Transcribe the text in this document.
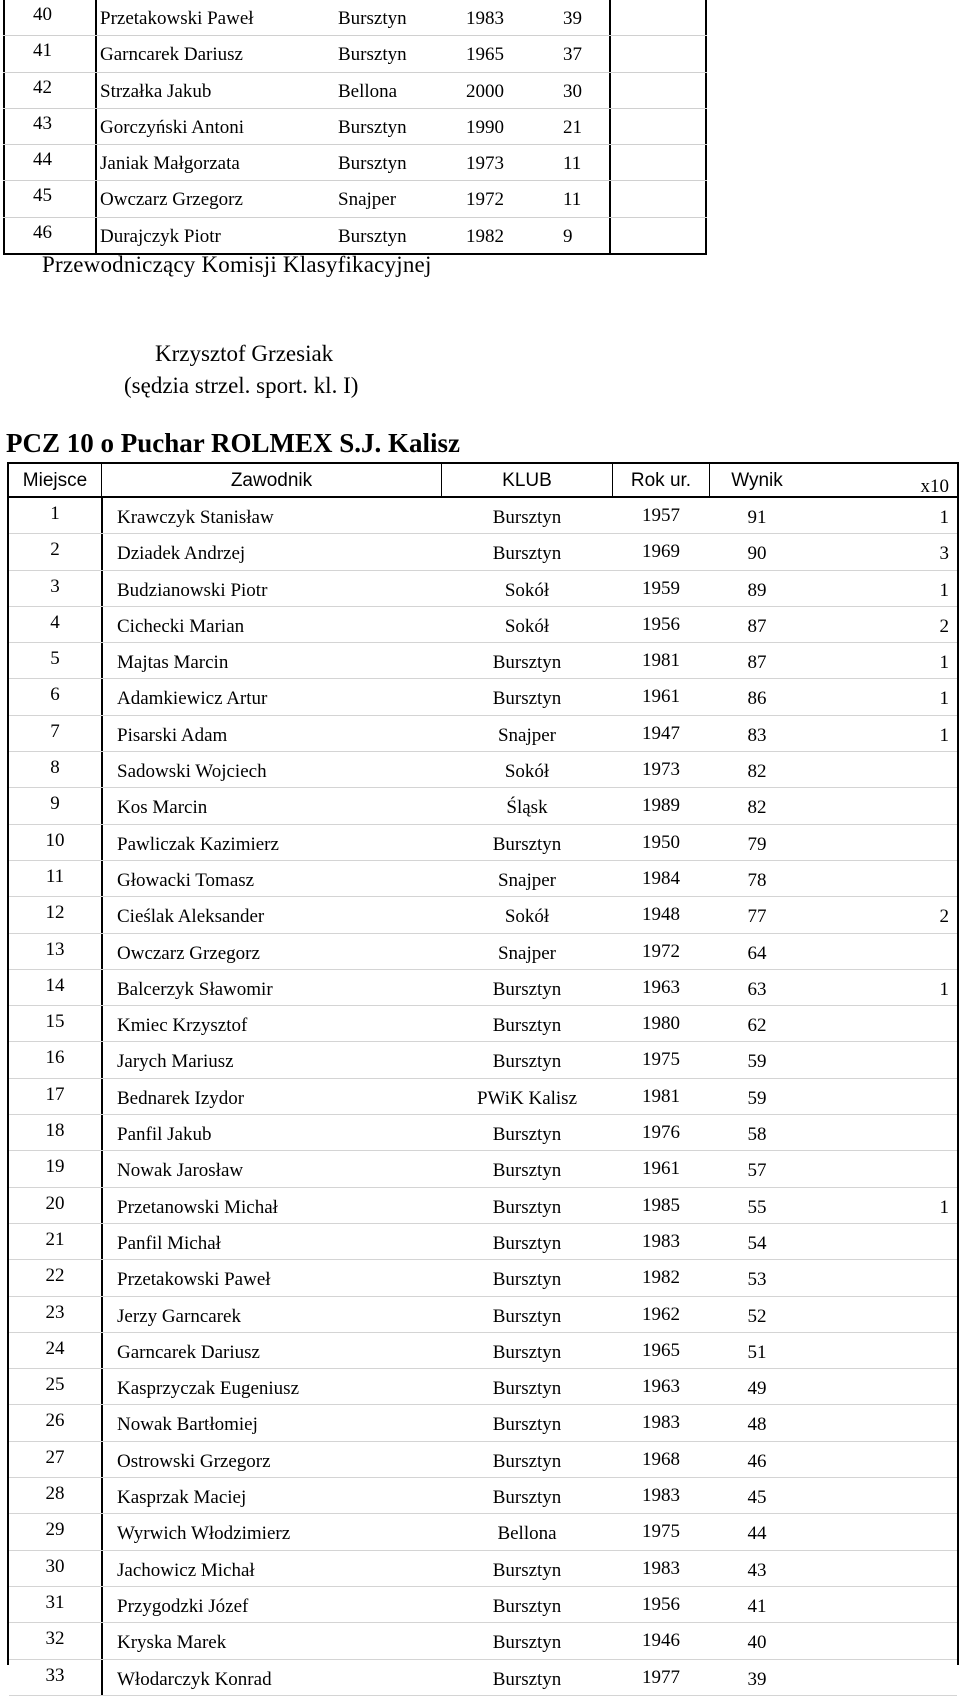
40	Przetakowski Paweł	Bursztyn	1983	39
41	Garncarek Dariusz	Bursztyn	1965	37
42	Strzałka Jakub	Bellona	2000	30
43	Gorczyński Antoni	Bursztyn	1990	21
44	Janiak Małgorzata	Bursztyn	1973	11
45	Owczarz Grzegorz	Snajper	1972	11
46	Durajczyk Piotr	Bursztyn	1982	9
Przewodniczący Komisji Klasyfikacyjnej
Krzysztof Grzesiak
(sędzia strzel. sport. kl. I)
PCZ 10 o Puchar ROLMEX S.J. Kalisz
Miejsce	Zawodnik	KLUB	Rok ur.	Wynik	x10
1	Krawczyk Stanisław	Bursztyn	1957	91	1
2	Dziadek Andrzej	Bursztyn	1969	90	3
3	Budzianowski Piotr	Sokół	1959	89	1
4	Cichecki Marian	Sokół	1956	87	2
5	Majtas Marcin	Bursztyn	1981	87	1
6	Adamkiewicz Artur	Bursztyn	1961	86	1
7	Pisarski Adam	Snajper	1947	83	1
8	Sadowski Wojciech	Sokół	1973	82
9	Kos Marcin	Śląsk	1989	82
10	Pawliczak Kazimierz	Bursztyn	1950	79
11	Głowacki Tomasz	Snajper	1984	78
12	Cieślak Aleksander	Sokół	1948	77	2
13	Owczarz Grzegorz	Snajper	1972	64
14	Balcerzyk Sławomir	Bursztyn	1963	63	1
15	Kmiec Krzysztof	Bursztyn	1980	62
16	Jarych Mariusz	Bursztyn	1975	59
17	Bednarek Izydor	PWiK Kalisz	1981	59
18	Panfil Jakub	Bursztyn	1976	58
19	Nowak Jarosław	Bursztyn	1961	57
20	Przetanowski Michał	Bursztyn	1985	55	1
21	Panfil Michał	Bursztyn	1983	54
22	Przetakowski Paweł	Bursztyn	1982	53
23	Jerzy Garncarek	Bursztyn	1962	52
24	Garncarek Dariusz	Bursztyn	1965	51
25	Kasprzyczak Eugeniusz	Bursztyn	1963	49
26	Nowak Bartłomiej	Bursztyn	1983	48
27	Ostrowski Grzegorz	Bursztyn	1968	46
28	Kasprzak Maciej	Bursztyn	1983	45
29	Wyrwich Włodzimierz	Bellona	1975	44
30	Jachowicz Michał	Bursztyn	1983	43
31	Przygodzki Józef	Bursztyn	1956	41
32	Kryska Marek	Bursztyn	1946	40
33	Włodarczyk Konrad	Bursztyn	1977	39
